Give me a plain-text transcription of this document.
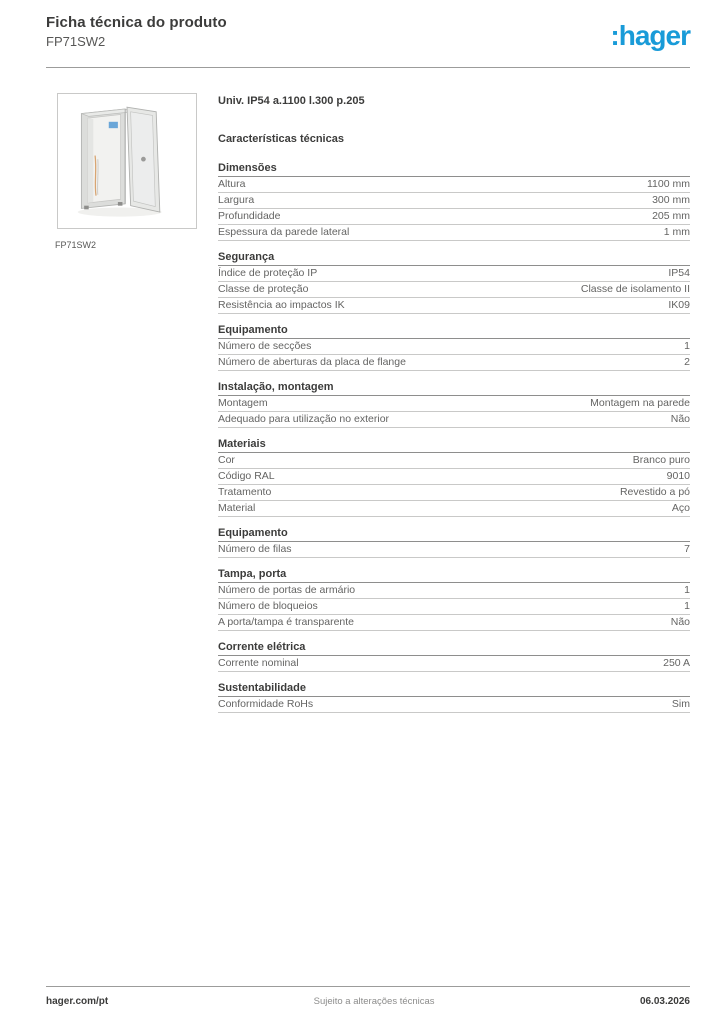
Ficha técnica do produto
FP71SW2	:hager
FP71SW2
Univ. IP54 a.1100 l.300 p.205
Características técnicas
Dimensões
Altura	1100 mm
Largura	300 mm
Profundidade	205 mm
Espessura da parede lateral	1 mm
Segurança
Índice de proteção IP	IP54
Classe de proteção	Classe de isolamento II
Resistência ao impactos IK	IK09
Equipamento
Número de secções	1
Número de aberturas da placa de flange	2
Instalação, montagem
Montagem	Montagem na parede
Adequado para utilização no exterior	Não
Materiais
Cor	Branco puro
Código RAL	9010
Tratamento	Revestido a pó
Material	Aço
Equipamento
Número de filas	7
Tampa, porta
Número de portas de armário	1
Número de bloqueios	1
A porta/tampa é transparente	Não
Corrente elétrica
Corrente nominal	250 A
Sustentabilidade
Conformidade RoHs	Sim
hager.com/pt	Sujeito a alterações técnicas	06.03.2026
